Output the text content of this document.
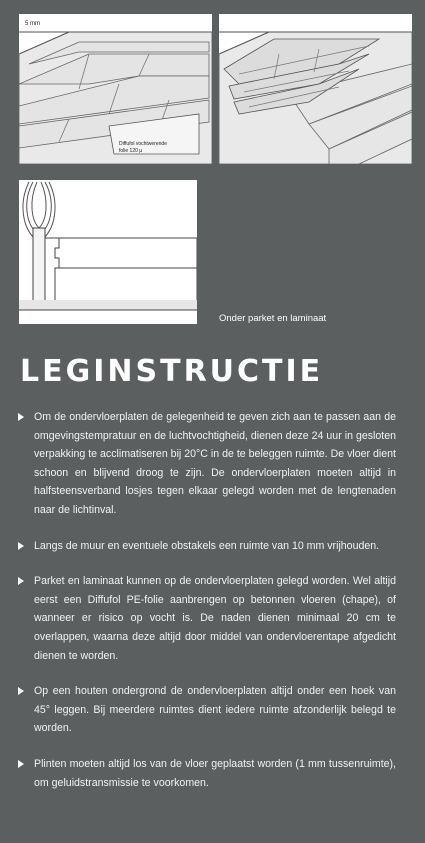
5 mm
Diffufol vochtwerende
folie 120 µ
Onder parket en laminaat
LEGINSTRUCTIE
Om de ondervloerplaten de gelegenheid te geven zich aan te passen aan de omgevingstempratuur en de luchtvochtigheid, dienen deze 24 uur in gesloten verpakking te acclimatiseren bij 20°C in de te beleggen ruimte. De vloer dient schoon en blijvend droog te zijn. De ondervloerplaten moeten altijd in halfsteensverband losjes tegen elkaar gelegd worden met de lengtenaden naar de lichtinval.
Langs de muur en eventuele obstakels een ruimte van 10 mm vrijhouden.
Parket en laminaat kunnen op de ondervloerplaten gelegd worden. Wel altijd eerst een Diffufol PE-folie aanbrengen op betonnen vloeren (chape), of wanneer er risico op vocht is. De naden dienen minimaal 20 cm te overlappen, waarna deze altijd door middel van ondervloerentape afgedicht dienen te worden.
Op een houten ondergrond de ondervloerplaten altijd onder een hoek van 45° leggen. Bij meerdere ruimtes dient iedere ruimte afzonderlijk belegd te worden.
Plinten moeten altijd los van de vloer geplaatst worden (1 mm tussenruimte), om geluidstransmissie te voorkomen.
